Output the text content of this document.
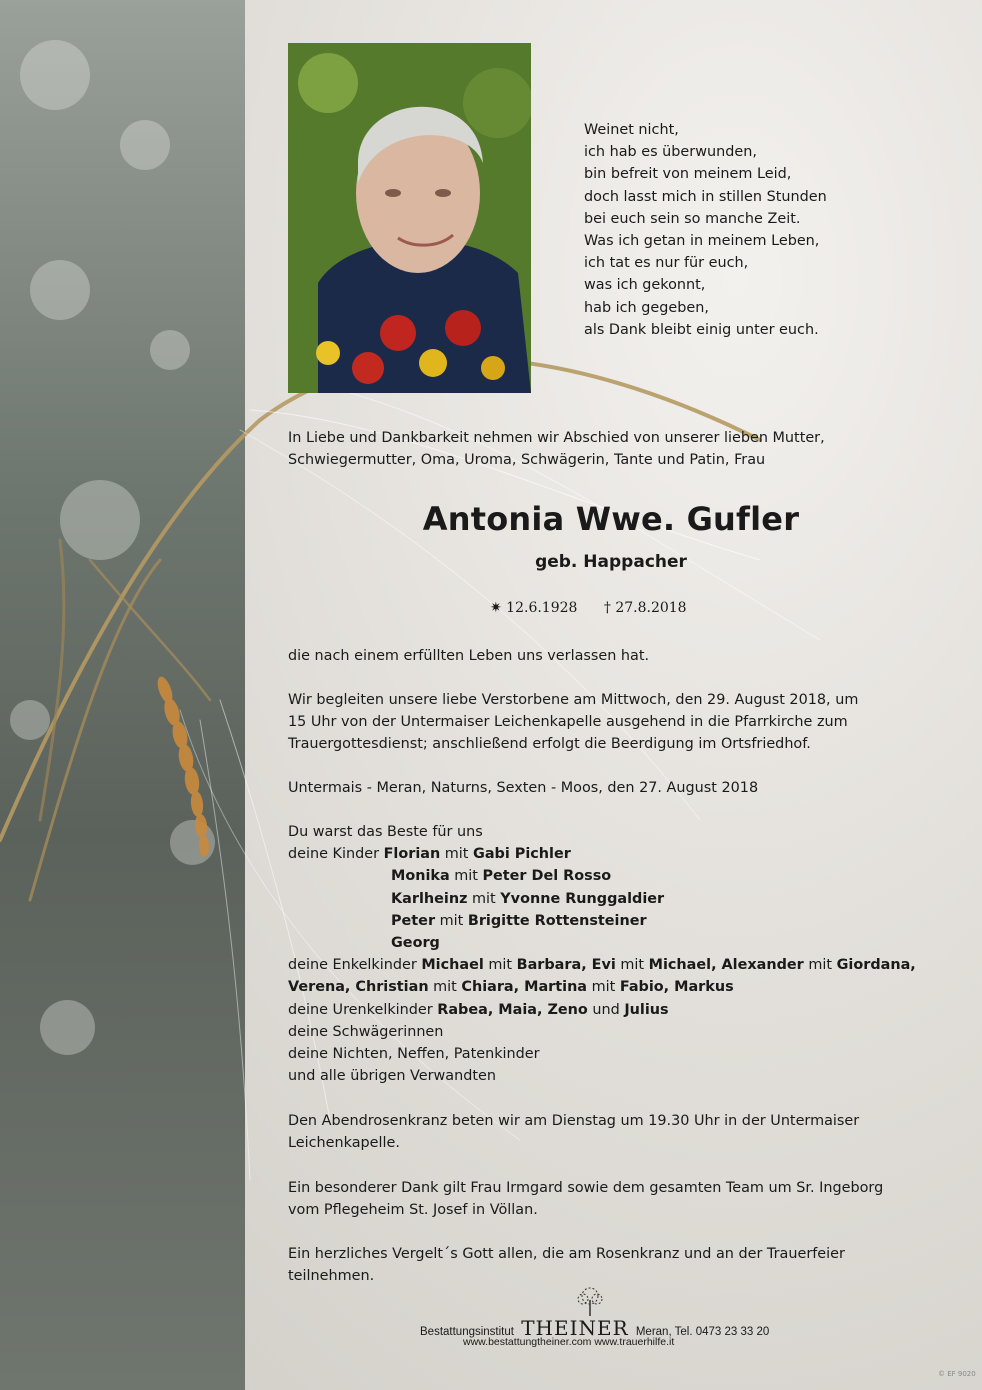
Weinet nicht,
ich hab es überwunden,
bin befreit von meinem Leid,
doch lasst mich in stillen Stunden
bei euch sein so manche Zeit.
Was ich getan in meinem Leben,
ich tat es nur für euch,
was ich gekonnt,
hab ich gegeben,
als Dank bleibt einig unter euch.
In Liebe und Dankbarkeit nehmen wir Abschied von unserer lieben Mutter,
Schwiegermutter, Oma, Uroma, Schwägerin, Tante und Patin, Frau
Antonia Wwe. Gufler
geb. Happacher
✷ 12.6.1928 † 27.8.2018
die nach einem erfüllten Leben uns verlassen hat.
Wir begleiten unsere liebe Verstorbene am Mittwoch, den 29. August 2018, um
15 Uhr von der Untermaiser Leichenkapelle ausgehend in die Pfarrkirche zum
Trauergottesdienst; anschließend erfolgt die Beerdigung im Ortsfriedhof.
Untermais - Meran, Naturns, Sexten - Moos, den 27. August 2018
Du warst das Beste für uns
deine Kinder Florian mit Gabi Pichler
Monika mit Peter Del Rosso
Karlheinz mit Yvonne Runggaldier
Peter mit Brigitte Rottensteiner
Georg
deine Enkelkinder Michael mit Barbara, Evi mit Michael, Alexander mit Giordana,
Verena, Christian mit Chiara, Martina mit Fabio, Markus
deine Urenkelkinder Rabea, Maia, Zeno und Julius
deine Schwägerinnen
deine Nichten, Neffen, Patenkinder
und alle übrigen Verwandten
Den Abendrosenkranz beten wir am Dienstag um 19.30 Uhr in der Untermaiser
Leichenkapelle.
Ein besonderer Dank gilt Frau Irmgard sowie dem gesamten Team um Sr. Ingeborg
vom Pflegeheim St. Josef in Völlan.
Ein herzliches Vergelt´s Gott allen, die am Rosenkranz und an der Trauerfeier
teilnehmen.
Bestattungsinstitut THEINER Meran, Tel. 0473 23 33 20
www.bestattungtheiner.com www.trauerhilfe.it
© EF 9020
